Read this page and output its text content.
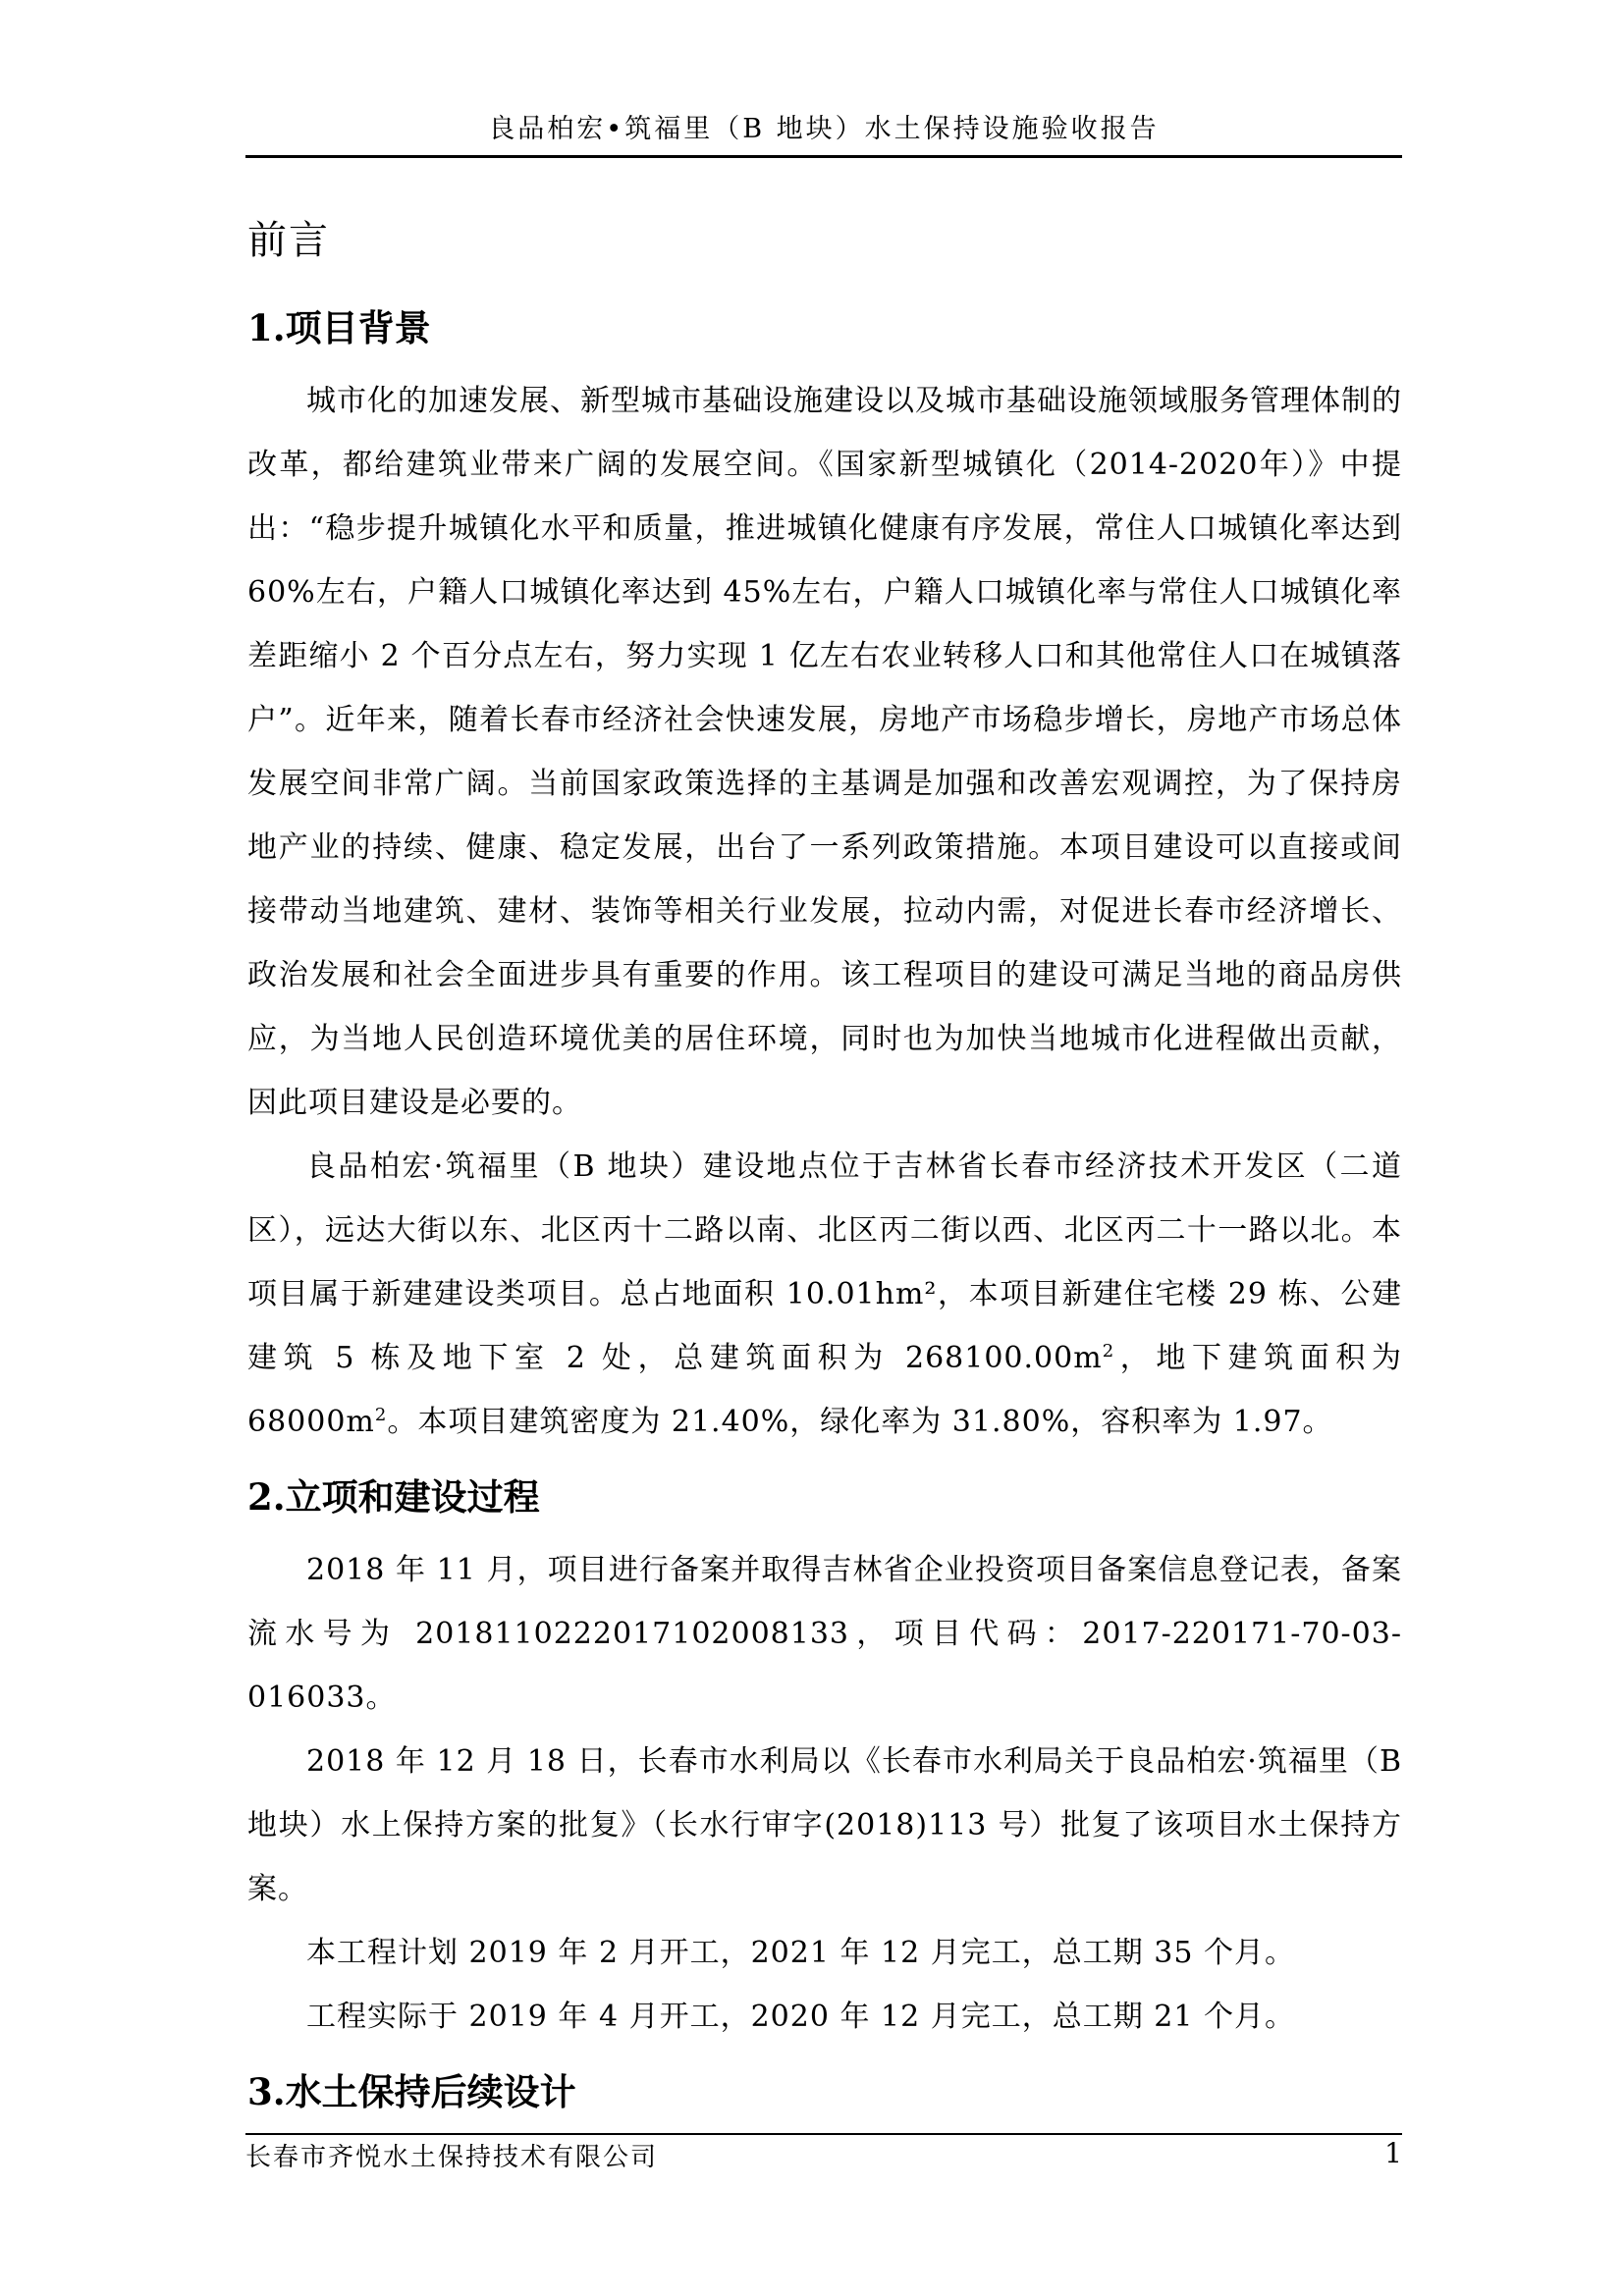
良品柏宏•筑福里（B 地块）水土保持设施验收报告
前言
1.项目背景

城市化的加速发展、新型城市基础设施建设以及城市基础设施领域服务管理体制的改革，都给建筑业带来广阔的发展空间。《国家新型城镇化（2014-2020年）》中提出：“稳步提升城镇化水平和质量，推进城镇化健康有序发展，常住人口城镇化率达到 60%左右，户籍人口城镇化率达到 45%左右，户籍人口城镇化率与常住人口城镇化率差距缩小 2 个百分点左右，努力实现 1 亿左右农业转移人口和其他常住人口在城镇落户”。近年来，随着长春市经济社会快速发展，房地产市场稳步增长，房地产市场总体发展空间非常广阔。当前国家政策选择的主基调是加强和改善宏观调控，为了保持房地产业的持续、健康、稳定发展，出台了一系列政策措施。本项目建设可以直接或间接带动当地建筑、建材、装饰等相关行业发展，拉动内需，对促进长春市经济增长、政治发展和社会全面进步具有重要的作用。该工程项目的建设可满足当地的商品房供应，为当地人民创造环境优美的居住环境，同时也为加快当地城市化进程做出贡献，因此项目建设是必要的。

良品柏宏·筑福里（B 地块）建设地点位于吉林省长春市经济技术开发区（二道区），远达大街以东、北区丙十二路以南、北区丙二街以西、北区丙二十一路以北。本项目属于新建建设类项目。总占地面积 10.01hm²，本项目新建住宅楼 29 栋、公建建筑 5 栋及地下室 2 处，总建筑面积为 $268100.00m^2$，地下建筑面积为 $68000m^2$。本项目建筑密度为 21.40%，绿化率为 31.80%，容积率为 1.97。

2.立项和建设过程

2018 年 11 月，项目进行备案并取得吉林省企业投资项目备案信息登记表，备案流水号为 20181102220171020081​33，项目代码：2017-220171-70-03-016033。

2018 年 12 月 18 日，长春市水利局以《长春市水利局关于良品柏宏·筑福里（B 地块）水上保持方案的批复》（长水行审字(2018)113 号）批复了该项目水土保持方案。

本工程计划 2019 年 2 月开工，2021 年 12 月完工，总工期 35 个月。

工程实际于 2019 年 4 月开工，2020 年 12 月完工，总工期 21 个月。

3.水土保持后续设计
长春市齐悦水土保持技术有限公司	1
